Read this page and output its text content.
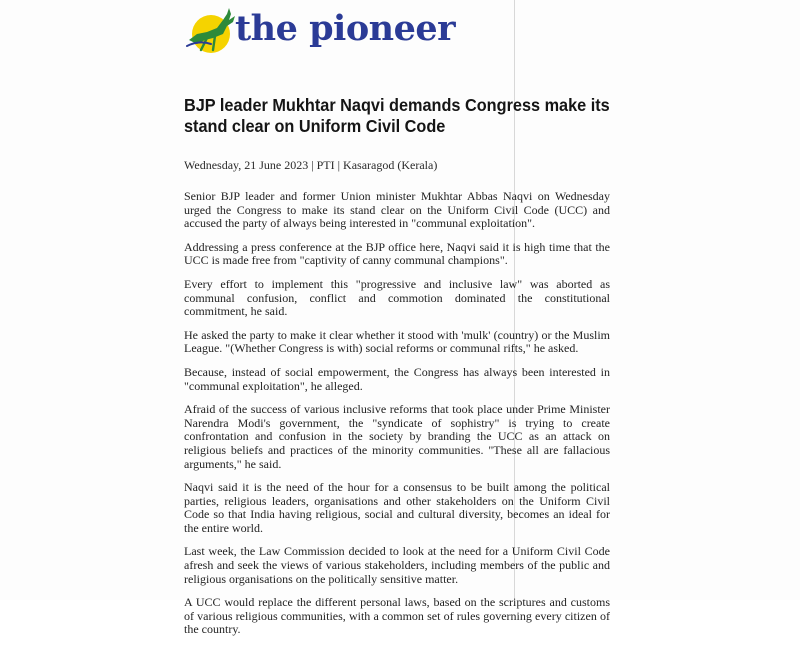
the pioneer
BJP leader Mukhtar Naqvi demands Congress make its stand clear on Uniform Civil Code
Wednesday, 21 June 2023 | PTI | Kasaragod (Kerala)

Senior BJP leader and former Union minister Mukhtar Abbas Naqvi on Wednesday urged the Congress to make its stand clear on the Uniform Civil Code (UCC) and accused the party of always being interested in "communal exploitation".

Addressing a press conference at the BJP office here, Naqvi said it is high time that the UCC is made free from "captivity of canny communal champions".

Every effort to implement this "progressive and inclusive law" was aborted as communal confusion, conflict and commotion dominated the constitutional commitment, he said.

He asked the party to make it clear whether it stood with 'mulk' (country) or the Muslim League. "(Whether Congress is with) social reforms or communal rifts," he asked.

Because, instead of social empowerment, the Congress has always been interested in "communal exploitation", he alleged.

Afraid of the success of various inclusive reforms that took place under Prime Minister Narendra Modi's government, the "syndicate of sophistry" is trying to create confrontation and confusion in the society by branding the UCC as an attack on religious beliefs and practices of the minority communities. "These all are fallacious arguments," he said.

Naqvi said it is the need of the hour for a consensus to be built among the political parties, religious leaders, organisations and other stakeholders on the Uniform Civil Code so that India having religious, social and cultural diversity, becomes an ideal for the entire world.

Last week, the Law Commission decided to look at the need for a Uniform Civil Code afresh and seek the views of various stakeholders, including members of the public and religious organisations on the politically sensitive matter.

A UCC would replace the different personal laws, based on the scriptures and customs of various religious communities, with a common set of rules governing every citizen of the country.
